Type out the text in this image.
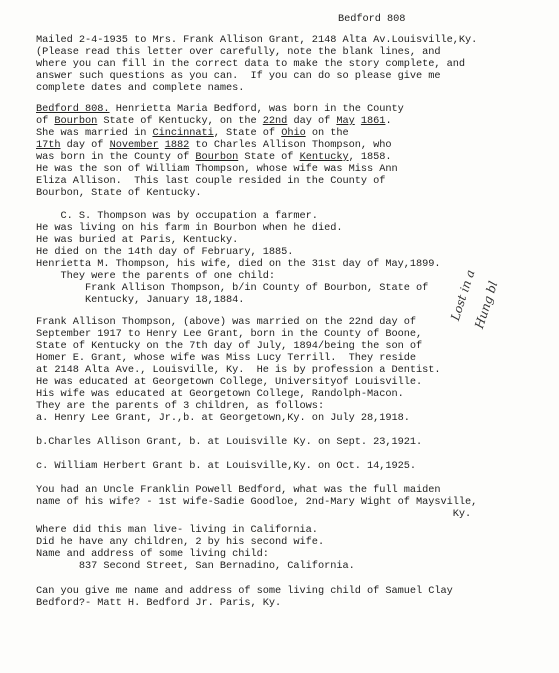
Bedford 808
Mailed 2-4-1935 to Mrs. Frank Allison Grant, 2148 Alta Av.Louisville,Ky.
(Please read this letter over carefully, note the blank lines, and
where you can fill in the correct data to make the story complete, and
answer such questions as you can.  If you can do so please give me
complete dates and complete names.
Bedford 808. Henrietta Maria Bedford, was born in the County
of Bourbon State of Kentucky, on the 22nd day of May 1861.
She was married in Cincinnati, State of Ohio on the
17th day of November 1882 to Charles Allison Thompson, who
was born in the County of Bourbon State of Kentucky, 1858.
He was the son of William Thompson, whose wife was Miss Ann
Eliza Allison.  This last couple resided in the County of
Bourbon, State of Kentucky.
C. S. Thompson was by occupation a farmer.
He was living on his farm in Bourbon when he died.
He was buried at Paris, Kentucky.
He died on the 14th day of February, 1885.
Henrietta M. Thompson, his wife, died on the 31st day of May,1899.
They were the parents of one child:
Frank Allison Thompson, b/in County of Bourbon, State of
Kentucky, January 18,1884.
Frank Allison Thompson, (above) was married on the 22nd day of
September 1917 to Henry Lee Grant, born in the County of Boone,
State of Kentucky on the 7th day of July, 1894/being the son of
Homer E. Grant, whose wife was Miss Lucy Terrill.  They reside
at 2148 Alta Ave., Louisville, Ky.  He is by profession a Dentist.
He was educated at Georgetown College, Universityof Louisville.
His wife was educated at Georgetown College, Randolph-Macon.
They are the parents of 3 children, as follows:
a. Henry Lee Grant, Jr.,b. at Georgetown,Ky. on July 28,1918.
b.Charles Allison Grant, b. at Louisville Ky. on Sept. 23,1921.
c. William Herbert Grant b. at Louisville,Ky. on Oct. 14,1925.
You had an Uncle Franklin Powell Bedford, what was the full maiden
name of his wife? - 1st wife-Sadie Goodloe, 2nd-Mary Wight of Maysville,
Ky.
Where did this man live- living in California.
Did he have any children, 2 by his second wife.
Name and address of some living child:
837 Second Street, San Bernadino, California.
Can you give me name and address of some living child of Samuel Clay
Bedford?- Matt H. Bedford Jr. Paris, Ky.
Lost in a
Hung bl
